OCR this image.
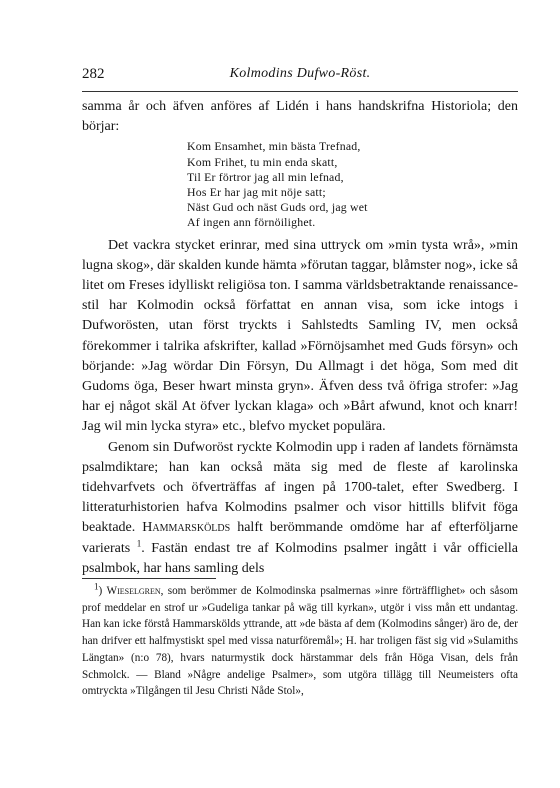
282	Kolmodins Dufwo-Röst.

samma år och äfven anföres af Lidén i hans handskrifna Historiola; den börjar:

Kom Ensamhet, min bästa Trefnad,
Kom Frihet, tu min enda skatt,
Til Er förtror jag all min lefnad,
Hos Er har jag mit nöje satt;
Näst Gud och näst Guds ord, jag wet
Af ingen ann förnöilighet.

Det vackra stycket erinrar, med sina uttryck om »min tysta wrå», »min lugna skog», där skalden kunde hämta »förutan taggar, blåmster nog», icke så litet om Freses idylliskt religiösa ton. I samma världsbetraktande renaissance-stil har Kolmodin också författat en annan visa, som icke intogs i Dufworösten, utan först tryckts i Sahlstedts Samling IV, men också förekommer i talrika afskrifter, kallad »Förnöjsamhet med Guds försyn» och börjande: »Jag wördar Din Försyn, Du Allmagt i det höga, Som med dit Gudoms öga, Beser hwart minsta gryn». Äfven dess två öfriga strofer: »Jag har ej något skäl At öfver lyckan klaga» och »Bårt afwund, knot och knarr! Jag wil min lycka styra» etc., blefvo mycket populära.

Genom sin Dufworöst ryckte Kolmodin upp i raden af landets förnämsta psalmdiktare; han kan också mäta sig med de fleste af karolinska tidehvarfvets och öfverträffas af ingen på 1700-talet, efter Swedberg. I litteraturhistorien hafva Kolmodins psalmer och visor hittills blifvit föga beaktade. Hammarskölds halft berömmande omdöme har af efterföljarne varierats $^1$. Fastän endast tre af Kolmodins psalmer ingått i vår officiella psalmbok, har hans samling dels

$^1$) Wieselgren, som berömmer de Kolmodinska psalmernas »inre förträfflighet» och såsom prof meddelar en strof ur »Gudeliga tankar på wäg till kyrkan», utgör i viss mån ett undantag. Han kan icke förstå Hammarskölds yttrande, att »de bästa af dem (Kolmodins sånger) äro de, der han drifver ett halfmystiskt spel med vissa naturföremål»; H. har troligen fäst sig vid »Sulamiths Längtan» (n:o 78), hvars naturmystik dock härstammar dels från Höga Visan, dels från Schmolck. — Bland »Någre andelige Psalmer», som utgöra tillägg till Neumeisters ofta omtryckta »Tilgången til Jesu Christi Nåde Stol»,
